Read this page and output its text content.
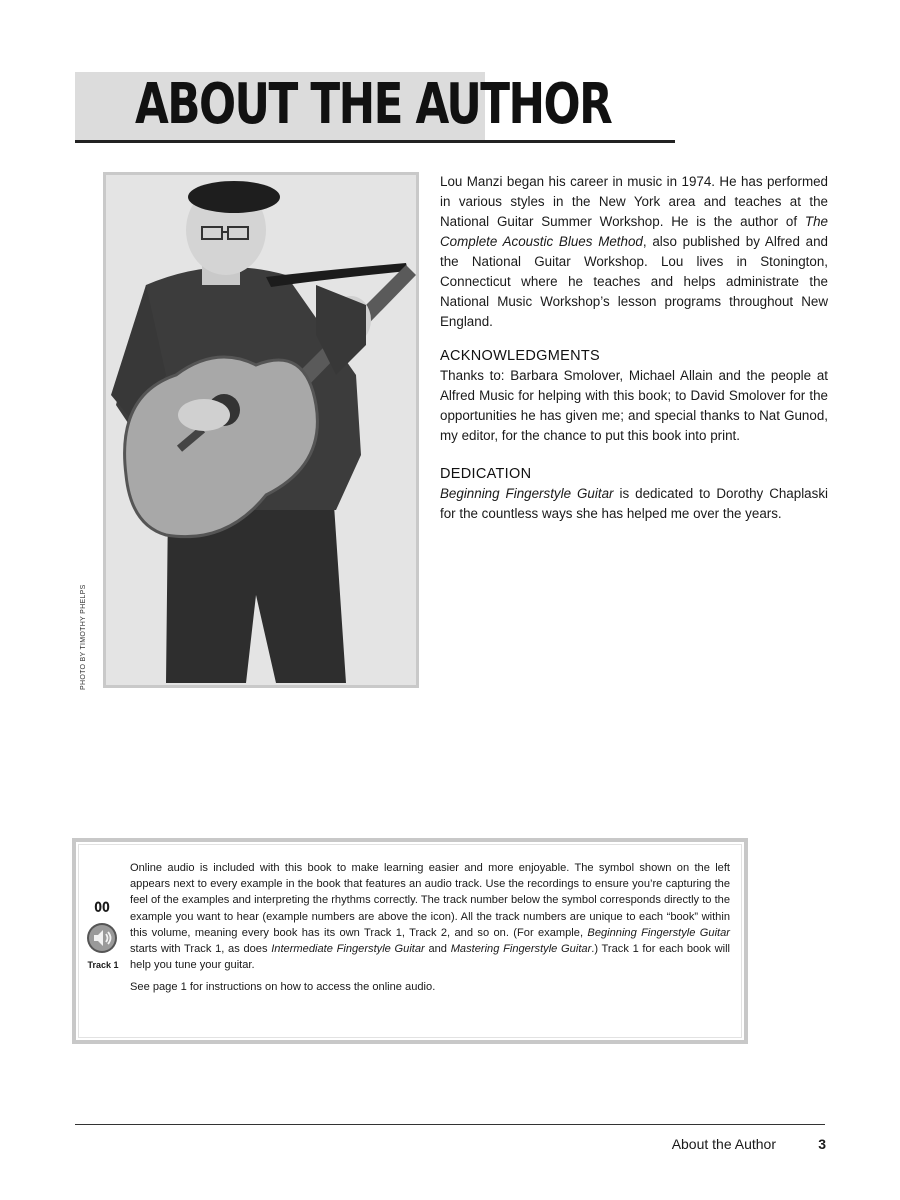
ABOUT THE AUTHOR
PHOTO BY TIMOTHY PHELPS

Lou Manzi began his career in music in 1974. He has performed in various styles in the New York area and teaches at the National Guitar Summer Workshop. He is the author of The Complete Acoustic Blues Method, also published by Alfred and the National Guitar Workshop. Lou lives in Stonington, Connecticut where he teaches and helps administrate the National Music Workshop’s lesson programs throughout New England.

ACKNOWLEDGMENTS

Thanks to: Barbara Smolover, Michael Allain and the people at Alfred Music for helping with this book; to David Smolover for the opportunities he has given me; and special thanks to Nat Gunod, my editor, for the chance to put this book into print.

DEDICATION

Beginning Fingerstyle Guitar is dedicated to Dorothy Chaplaski for the countless ways she has helped me over the years.

00
Track 1

Online audio is included with this book to make learning easier and more enjoyable. The symbol shown on the left appears next to every example in the book that features an audio track. Use the recordings to ensure you’re capturing the feel of the examples and interpreting the rhythms correctly. The track number below the symbol corresponds directly to the example you want to hear (example numbers are above the icon). All the track numbers are unique to each “book” within this volume, meaning every book has its own Track 1, Track 2, and so on. (For example, Beginning Fingerstyle Guitar starts with Track 1, as does Intermediate Fingerstyle Guitar and Mastering Fingerstyle Guitar.) Track 1 for each book will help you tune your guitar.

See page 1 for instructions on how to access the online audio.

About the Author	3
